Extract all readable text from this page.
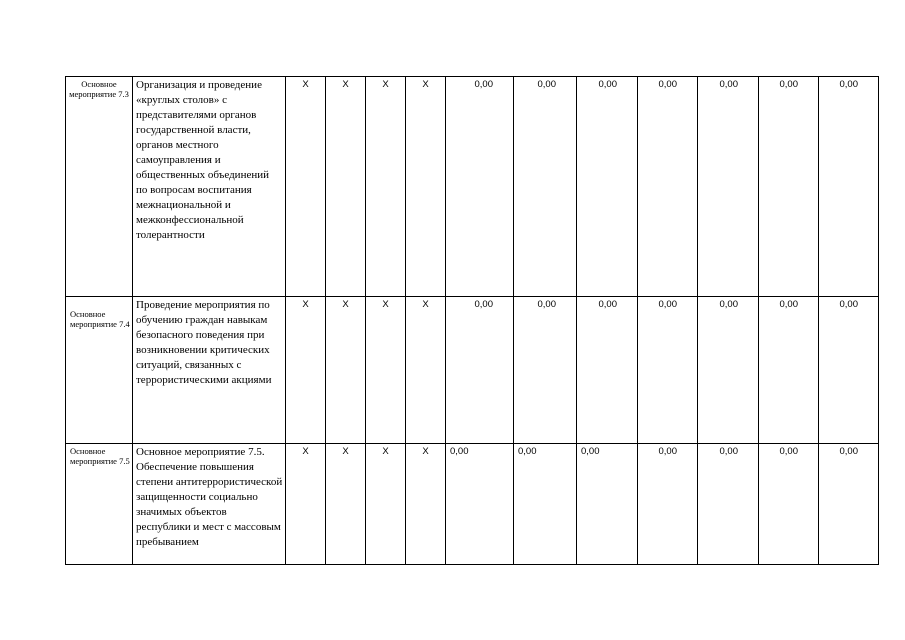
Основное мероприятие 7.3	Организация и проведение «круглых столов» с представителями органов государственной власти, органов местного самоуправления и общественных объединений по вопросам воспитания межнациональной и межконфессиональной толерантности	X	X	X	X	0,00	0,00	0,00	0,00	0,00	0,00	0,00
Основное мероприятие 7.4	Проведение мероприятия по обучению граждан навыкам безопасного поведения при возникновении критических ситуаций, связанных с террористическими акциями	X	X	X	X	0,00	0,00	0,00	0,00	0,00	0,00	0,00
Основное мероприятие 7.5	Основное мероприятие 7.5. Обеспечение повышения степени антитеррористической защищенности социально значимых объектов республики и мест с массовым пребыванием	X	X	X	X	0,00	0,00	0,00	0,00	0,00	0,00	0,00
